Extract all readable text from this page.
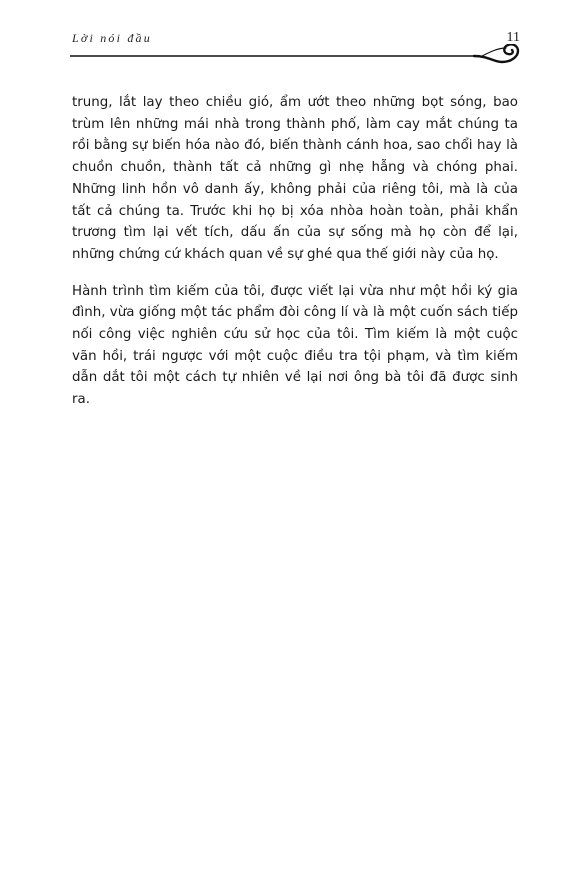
Lời nói đầu	11

trung, lắt lay theo chiều gió, ẩm ướt theo những bọt sóng, bao trùm lên những mái nhà trong thành phố, làm cay mắt chúng ta rồi bằng sự biến hóa nào đó, biến thành cánh hoa, sao chổi hay là chuồn chuồn, thành tất cả những gì nhẹ hẫng và chóng phai. Những linh hồn vô danh ấy, không phải của riêng tôi, mà là của tất cả chúng ta. Trước khi họ bị xóa nhòa hoàn toàn, phải khẩn trương tìm lại vết tích, dấu ấn của sự sống mà họ còn để lại, những chứng cứ khách quan về sự ghé qua thế giới này của họ.

Hành trình tìm kiếm của tôi, được viết lại vừa như một hồi ký gia đình, vừa giống một tác phẩm đòi công lí và là một cuốn sách tiếp nối công việc nghiên cứu sử học của tôi. Tìm kiếm là một cuộc vãn hồi, trái ngược với một cuộc điều tra tội phạm, và tìm kiếm dẫn dắt tôi một cách tự nhiên về lại nơi ông bà tôi đã được sinh ra.
